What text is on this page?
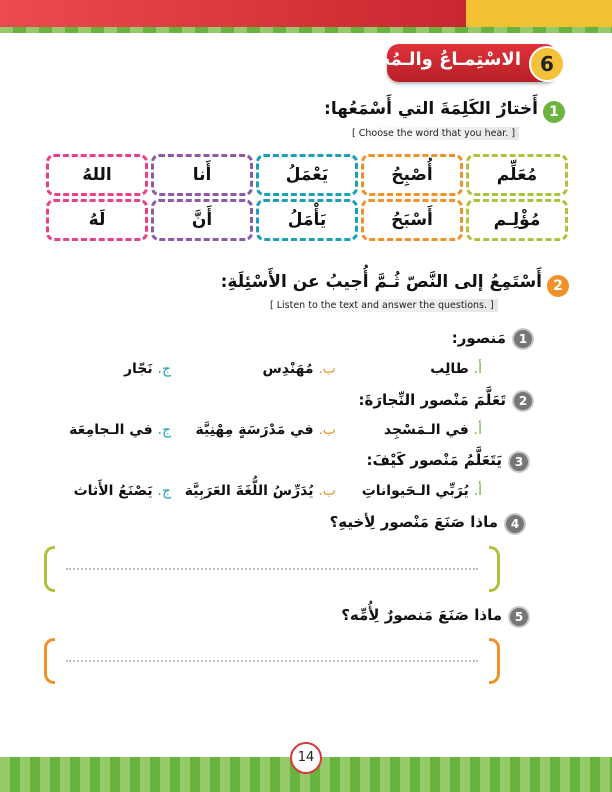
الاسْتِمـاعُ والـمُحادَثَةُ 6
1
أَختارُ الكَلِمَةَ التي أَسْمَعُها:
[ Choose the word that you hear. ]
مُعَلِّم
أُصْبِحُ
يَعْمَلُ
أَنا
اللهُ
مُؤْلِـم
أَسْبَحُ
يَأْمَلُ
أَنَّ
لَهُ
2
أَسْتَمِعُ إلى النَّصّ ثُـمَّ أُجيبُ عن الأَسْئِلَةِ:
[ Listen to the text and answer the questions. ]
1
مَنصور:
أ. طالِب
ب. مُهَنْدِس
ج. نَجّار
2
تَعَلَّمَ مَنْصور النِّجارَةَ:
أ. في الـمَسْجِد
ب. في مَدْرَسَةٍ مِهْنِيَّة
ج. في الـجامِعَة
3
يَتَعَلَّمُ مَنْصور كَيْفَ:
أ. يُرَبِّي الـحَيواناتِ
ب. يُدَرِّسُ اللُّغَةَ العَرَبِيَّة
ج. يَصْنَعُ الأَثاث
4
ماذا صَنَعَ مَنْصور لِأخيهِ؟
5
ماذا صَنَعَ مَنصورٌ لِأُمِّه؟
14
